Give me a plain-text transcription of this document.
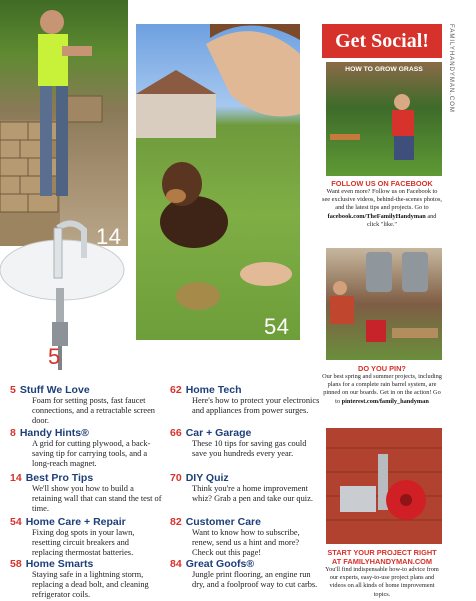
14
5
54
5 Stuff We Love
Foam for setting posts, fast faucet connections, and a retractable screen door.
8 Handy Hints®
A grid for cutting plywood, a back-saving tip for carrying tools, and a long-reach magnet.
14 Best Pro Tips
We'll show you how to build a retaining wall that can stand the test of time.
54 Home Care + Repair
Fixing dog spots in your lawn, resetting circuit breakers and replacing thermostat batteries.
58 Home Smarts
Staying safe in a lightning storm, replacing a dead bolt, and cleaning refrigerator coils.
62 Home Tech
Here's how to protect your electronics and appliances from power surges.
66 Car + Garage
These 10 tips for saving gas could save you hundreds every year.
70 DIY Quiz
Think you're a home improvement whiz? Grab a pen and take our quiz.
82 Customer Care
Want to know how to subscribe, renew, send us a hint and more? Check out this page!
84 Great Goofs®
Jungle print flooring, an engine run dry, and a foolproof way to cut carbs.
Get Social!
HOW TO GROW GRASS
FOLLOW US ON FACEBOOK
Want even more? Follow us on Facebook to see exclusive videos, behind-the-scenes photos, and the latest tips and projects. Go to facebook.com/TheFamilyHandyman and click "like."
DO YOU PIN?
Our best spring and summer projects, including plans for a complete rain barrel system, are pinned on our boards. Get in on the action! Go to pinterest.com/family_handyman
START YOUR PROJECT RIGHT
AT FAMILYHANDYMAN.COM
You'll find indispensable how-to advice from our experts, easy-to-use project plans and videos on all kinds of home improvement topics.
FAMILYHANDYMAN.COM
